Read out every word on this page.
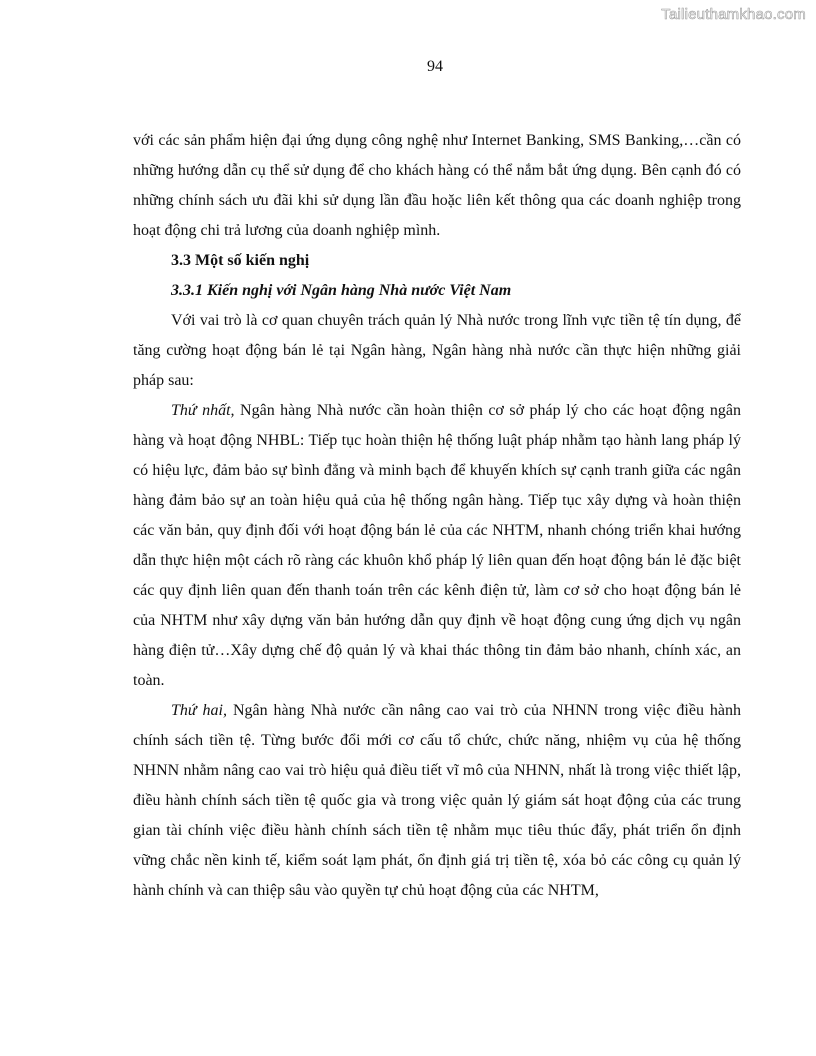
Tailieuthamkhao.com
94

với các sản phẩm hiện đại ứng dụng công nghệ như Internet Banking, SMS Banking,…cần có những hướng dẫn cụ thể sử dụng để cho khách hàng có thể nắm bắt ứng dụng. Bên cạnh đó có những chính sách ưu đãi khi sử dụng lần đầu hoặc liên kết thông qua các doanh nghiệp trong hoạt động chi trả lương của doanh nghiệp mình.

3.3 Một số kiến nghị

3.3.1 Kiến nghị với Ngân hàng Nhà nước Việt Nam

Với vai trò là cơ quan chuyên trách quản lý Nhà nước trong lĩnh vực tiền tệ tín dụng, để tăng cường hoạt động bán lẻ tại Ngân hàng, Ngân hàng nhà nước cần thực hiện những giải pháp sau:

Thứ nhất, Ngân hàng Nhà nước cần hoàn thiện cơ sở pháp lý cho các hoạt động ngân hàng và hoạt động NHBL: Tiếp tục hoàn thiện hệ thống luật pháp nhằm tạo hành lang pháp lý có hiệu lực, đảm bảo sự bình đẳng và minh bạch để khuyến khích sự cạnh tranh giữa các ngân hàng đảm bảo sự an toàn hiệu quả của hệ thống ngân hàng. Tiếp tục xây dựng và hoàn thiện các văn bản, quy định đối với hoạt động bán lẻ của các NHTM, nhanh chóng triển khai hướng dẫn thực hiện một cách rõ ràng các khuôn khổ pháp lý liên quan đến hoạt động bán lẻ đặc biệt các quy định liên quan đến thanh toán trên các kênh điện tử, làm cơ sở cho hoạt động bán lẻ của NHTM như xây dựng văn bản hướng dẫn quy định về hoạt động cung ứng dịch vụ ngân hàng điện tử…Xây dựng chế độ quản lý và khai thác thông tin đảm bảo nhanh, chính xác, an toàn.

Thứ hai, Ngân hàng Nhà nước cần nâng cao vai trò của NHNN trong việc điều hành chính sách tiền tệ. Từng bước đổi mới cơ cấu tổ chức, chức năng, nhiệm vụ của hệ thống NHNN nhằm nâng cao vai trò hiệu quả điều tiết vĩ mô của NHNN, nhất là trong việc thiết lập, điều hành chính sách tiền tệ quốc gia và trong việc quản lý giám sát hoạt động của các trung gian tài chính việc điều hành chính sách tiền tệ nhằm mục tiêu thúc đẩy, phát triển ổn định vững chắc nền kinh tế, kiểm soát lạm phát, ổn định giá trị tiền tệ, xóa bỏ các công cụ quản lý hành chính và can thiệp sâu vào quyền tự chủ hoạt động của các NHTM,
